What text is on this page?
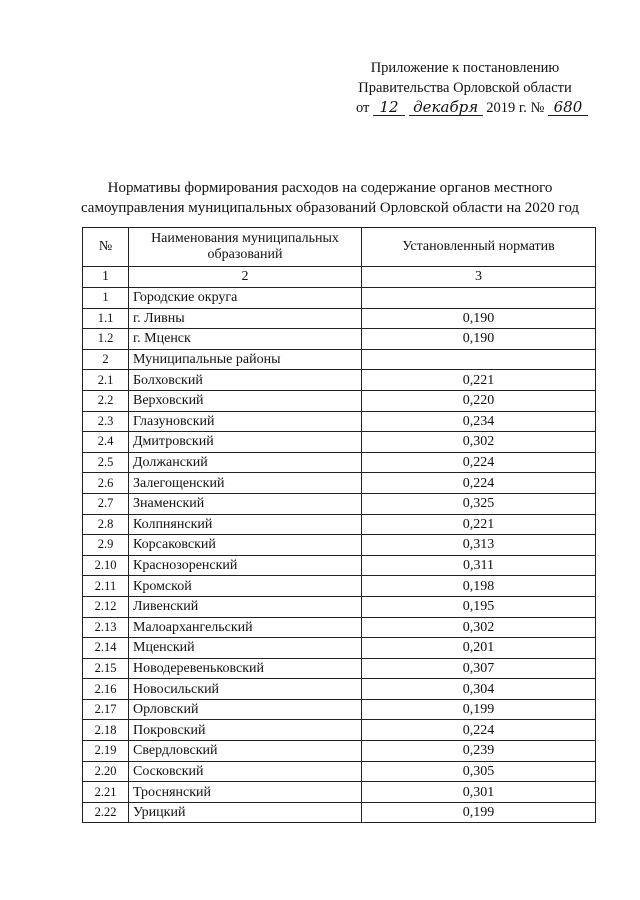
Приложение к постановлению
Правительства Орловской области
от 12 декабря 2019 г. № 680
Нормативы формирования расходов на содержание органов местного
самоуправления муниципальных образований Орловской области на 2020 год
№	Наименования муниципальных образований	Установленный норматив
1	2	3
1	Городские округа	
1.1	г. Ливны	0,190
1.2	г. Мценск	0,190
2	Муниципальные районы	
2.1	Болховский	0,221
2.2	Верховский	0,220
2.3	Глазуновский	0,234
2.4	Дмитровский	0,302
2.5	Должанский	0,224
2.6	Залегощенский	0,224
2.7	Знаменский	0,325
2.8	Колпнянский	0,221
2.9	Корсаковский	0,313
2.10	Краснозоренский	0,311
2.11	Кромской	0,198
2.12	Ливенский	0,195
2.13	Малоархангельский	0,302
2.14	Мценский	0,201
2.15	Новодеревеньковский	0,307
2.16	Новосильский	0,304
2.17	Орловский	0,199
2.18	Покровский	0,224
2.19	Свердловский	0,239
2.20	Сосковский	0,305
2.21	Троснянский	0,301
2.22	Урицкий	0,199
